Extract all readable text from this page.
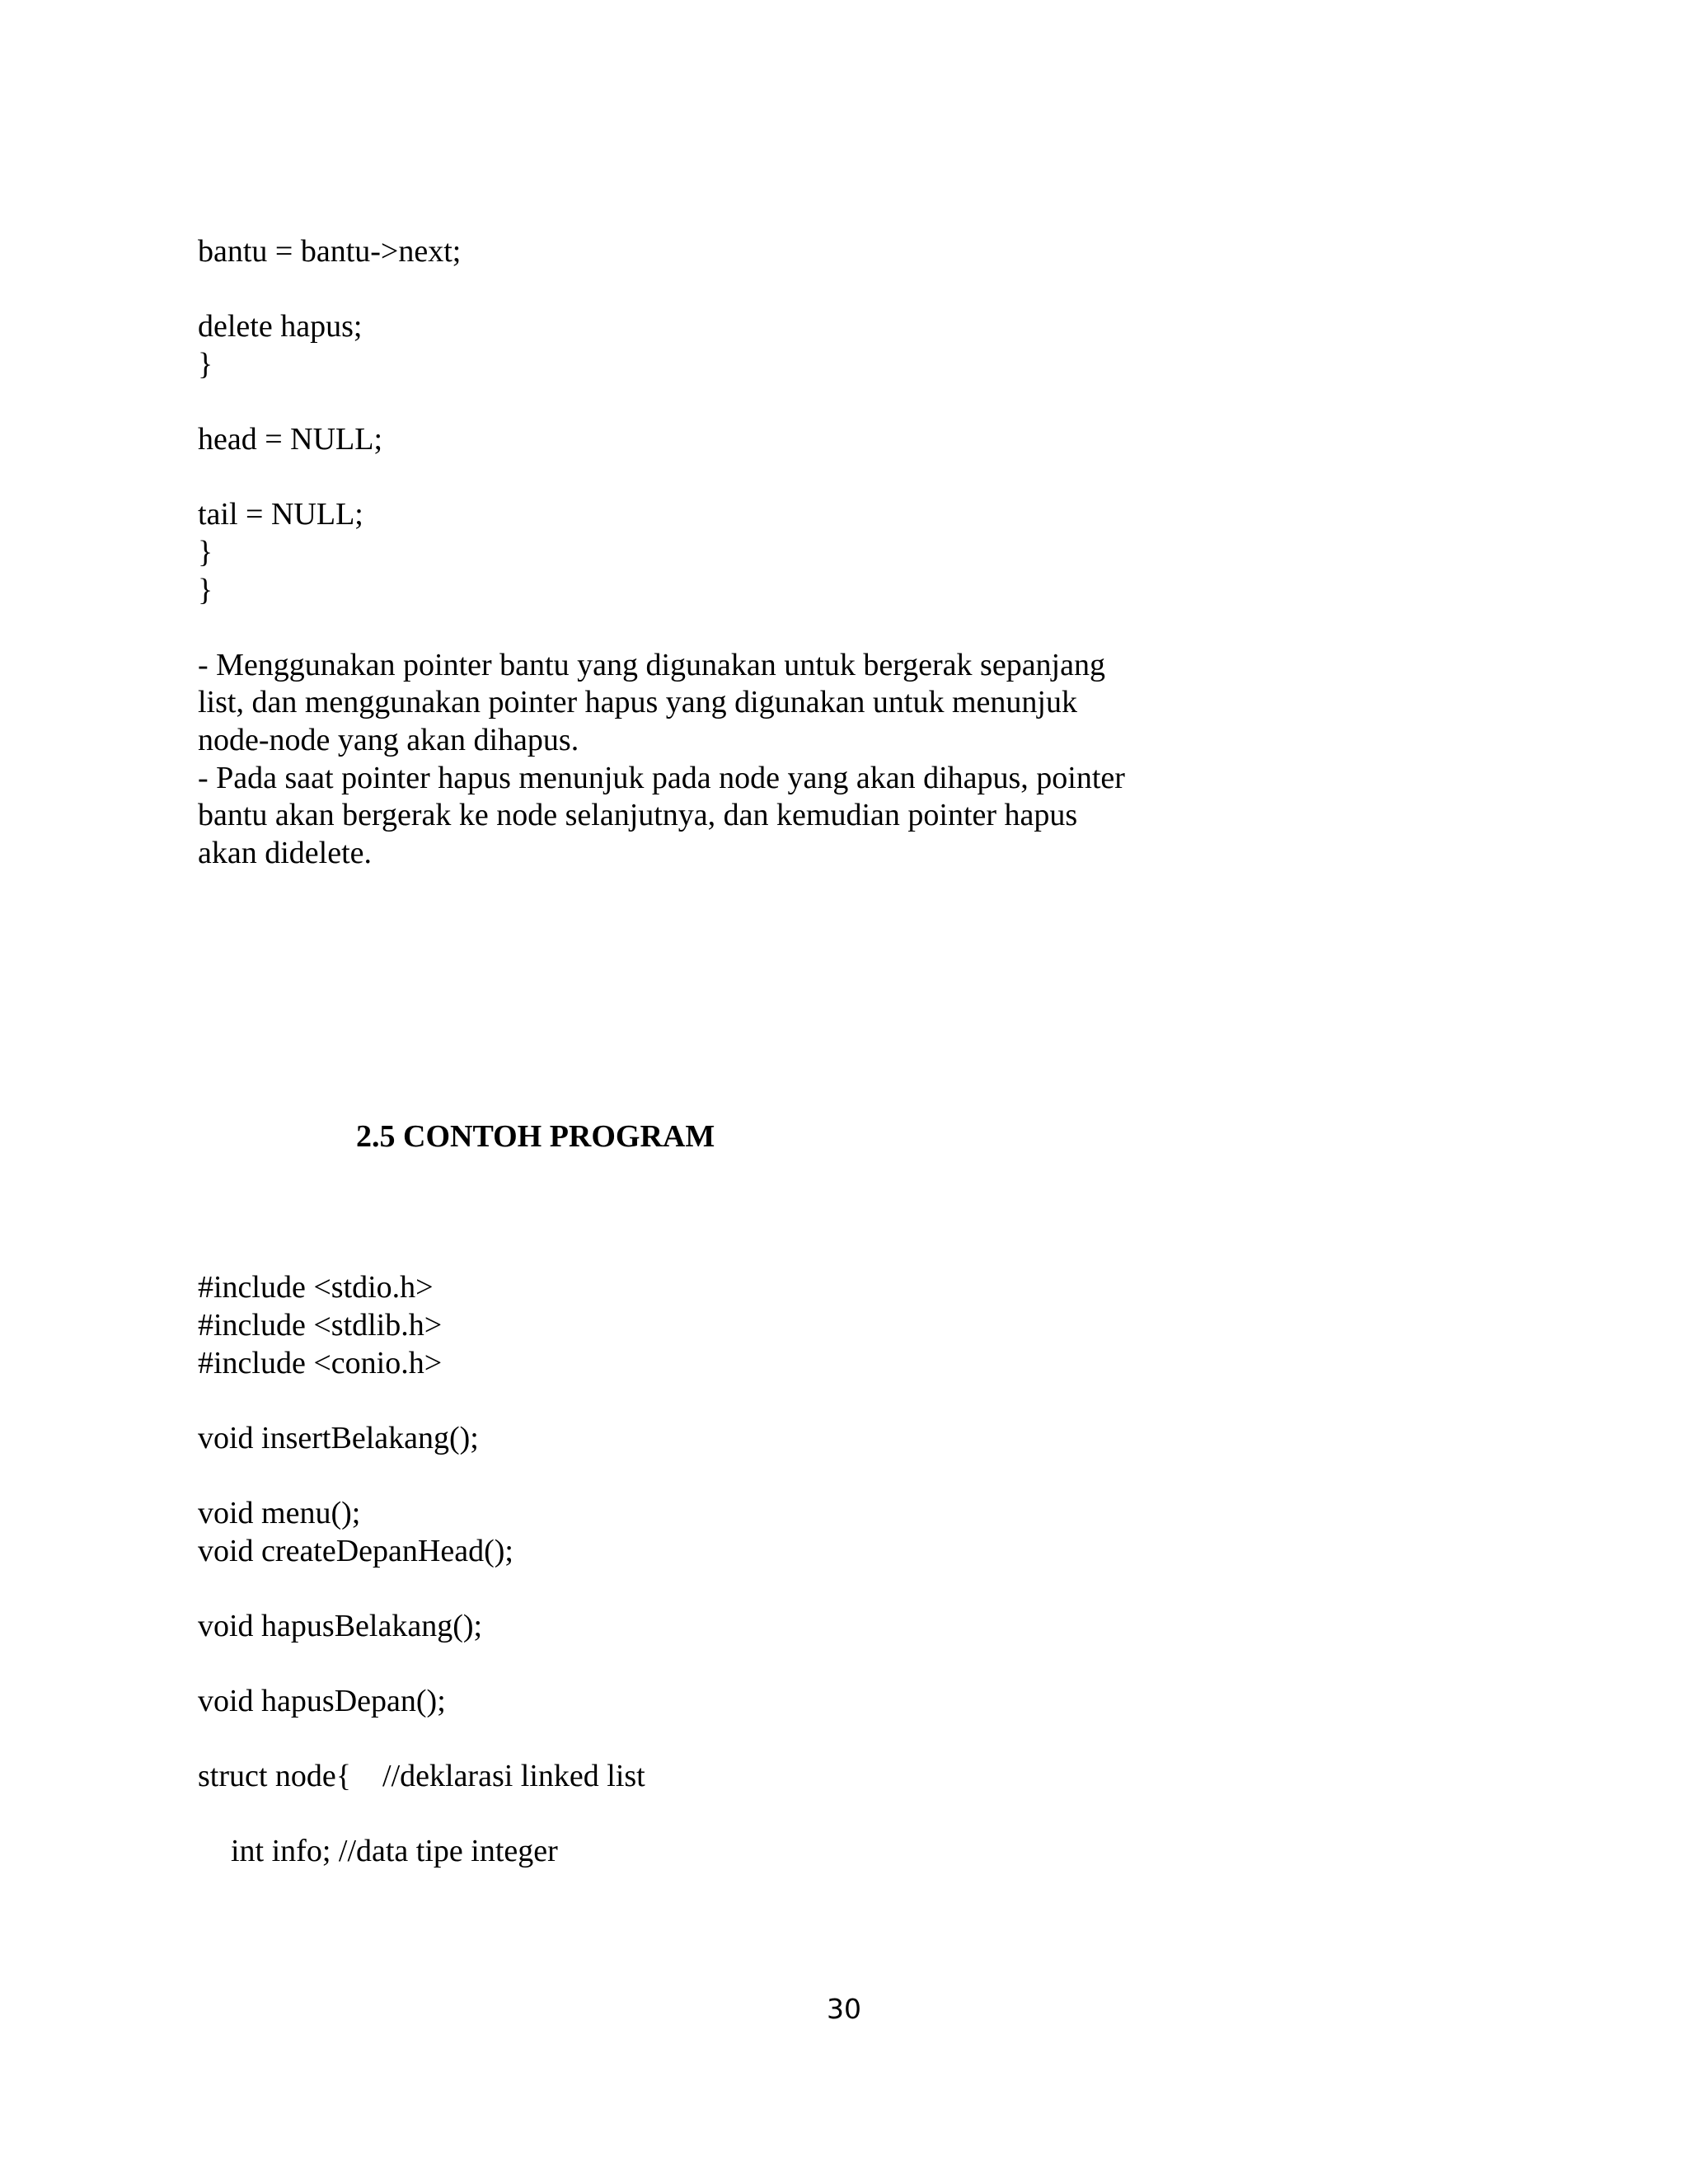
bantu = bantu->next;
delete hapus;
}
head = NULL;
tail = NULL;
}
}
- Menggunakan pointer bantu yang digunakan untuk bergerak sepanjang
list, dan menggunakan pointer hapus yang digunakan untuk menunjuk
node-node yang akan dihapus.
- Pada saat pointer hapus menunjuk pada node yang akan dihapus, pointer
bantu akan bergerak ke node selanjutnya, dan kemudian pointer hapus
akan didelete.
2.5 CONTOH PROGRAM
#include <stdio.h>
#include <stdlib.h>
#include <conio.h>
void insertBelakang();
void menu();
void createDepanHead();
void hapusBelakang();
void hapusDepan();
struct node{    //deklarasi linked list
int info; //data tipe integer
30
